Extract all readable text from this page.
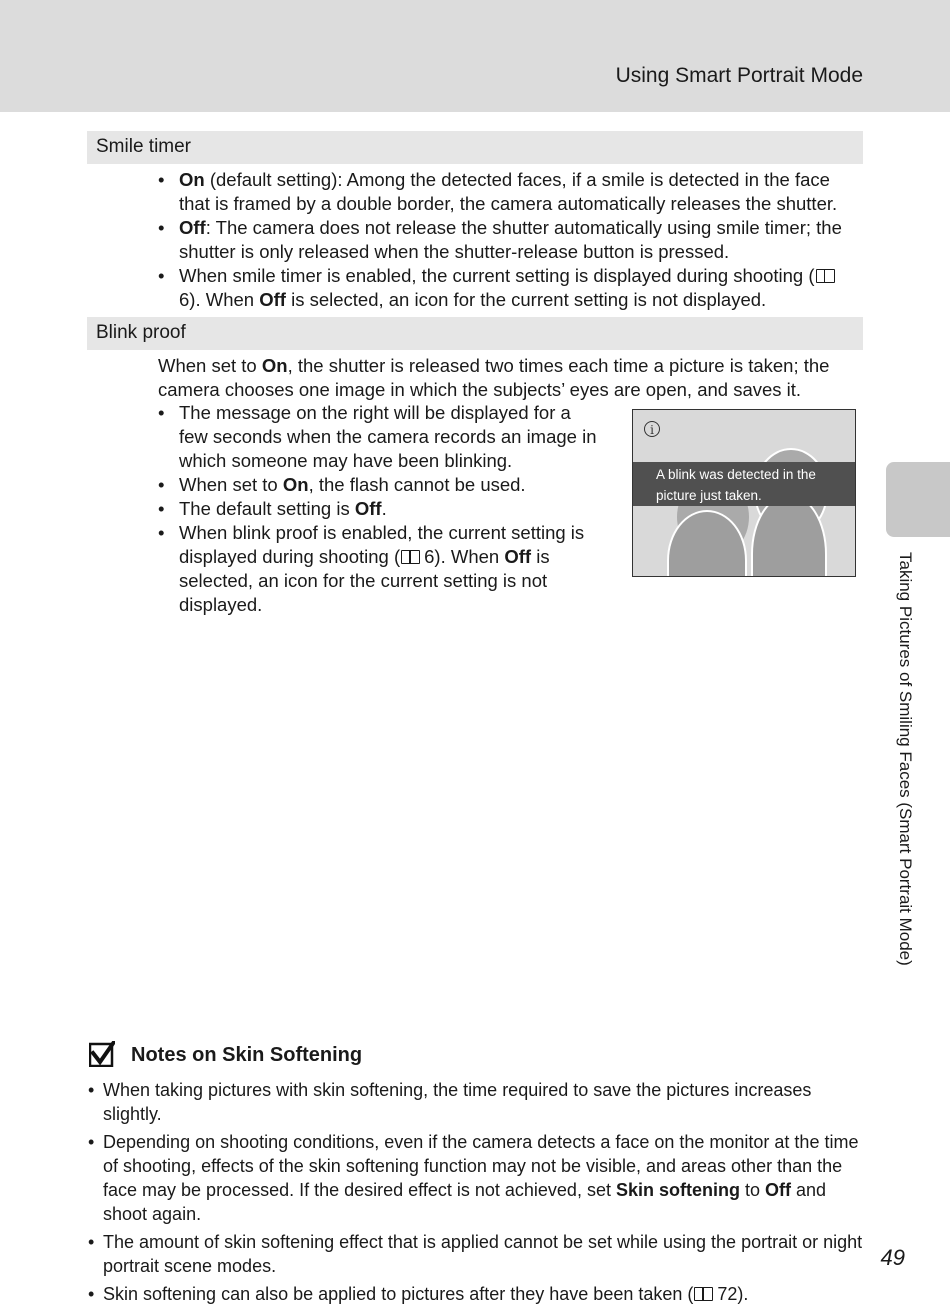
Using Smart Portrait Mode
Smile timer
• On (default setting): Among the detected faces, if a smile is detected in the face that is framed by a double border, the camera automatically releases the shutter.
• Off: The camera does not release the shutter automatically using smile timer; the shutter is only released when the shutter-release button is pressed.
• When smile timer is enabled, the current setting is displayed during shooting (6). When Off is selected, an icon for the current setting is not displayed.
Blink proof
When set to On, the shutter is released two times each time a picture is taken; the camera chooses one image in which the subjects’ eyes are open, and saves it.
• The message on the right will be displayed for a few seconds when the camera records an image in which someone may have been blinking.
• When set to On, the flash cannot be used.
• The default setting is Off.
• When blink proof is enabled, the current setting is displayed during shooting ( 6). When Off is selected, an icon for the current setting is not displayed.
i
A blink was detected in the
picture just taken.
Taking Pictures of Smiling Faces (Smart Portrait Mode)
Notes on Skin Softening
• When taking pictures with skin softening, the time required to save the pictures increases slightly.
• Depending on shooting conditions, even if the camera detects a face on the monitor at the time of shooting, effects of the skin softening function may not be visible, and areas other than the face may be processed. If the desired effect is not achieved, set Skin softening to Off and shoot again.
• The amount of skin softening effect that is applied cannot be set while using the portrait or night portrait scene modes.
• Skin softening can also be applied to pictures after they have been taken ( 72).
49
